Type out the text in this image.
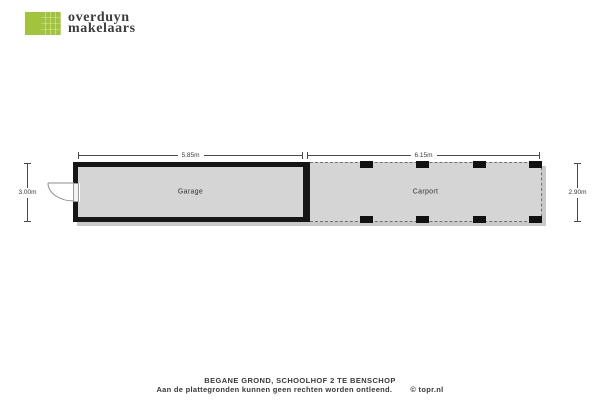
overduyn
makelaars
Garage	Carport
5.85m	6.15m
3.00m	2.90m
BEGANE GROND, SCHOOLHOF 2 TE BENSCHOP
Aan de plattegronden kunnen geen rechten worden ontleend. © topr.nl
